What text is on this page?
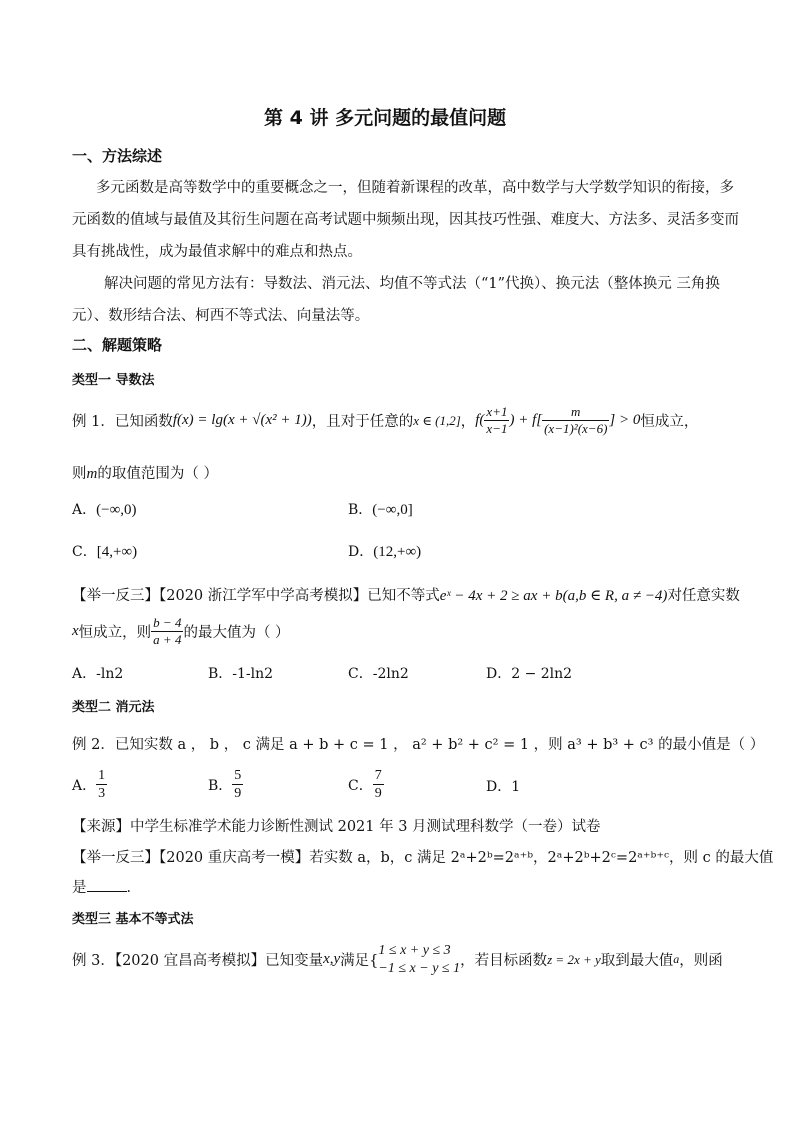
第 4 讲 多元问题的最值问题
一、方法综述
多元函数是高等数学中的重要概念之一，但随着新课程的改革，高中数学与大学数学知识的衔接，多
元函数的值域与最值及其衍生问题在高考试题中频频出现，因其技巧性强、难度大、方法多、灵活多变而
具有挑战性，成为最值求解中的难点和热点。
解决问题的常见方法有：导数法、消元法、均值不等式法（“1”代换）、换元法（整体换元 三角换
元）、数形结合法、柯西不等式法、向量法等。
二、解题策略
类型一 导数法
例 1．已知函数 f(x) = lg(x + √(x² + 1)) ，且对于任意的 x ∈ (1,2] ， $f( \frac{x+1}{x-1}$ ) + $f[ \frac{m}{\text{(x−1)²(x−6)}}$ ] > 0 恒成立，
则m的取值范围为（ ）
A．(−∞,0)	B．(−∞,0]
C．[4,+∞)	D．(12,+∞)
【举一反三】【2020 浙江学军中学高考模拟】已知不等式eˣ − 4x + 2 ≥ ax + b(a,b ∈ R, a ≠ −4)对任意实数
x 恒成立，则 $\frac{b - 4}{a + 4}$ 的最大值为（ ）
A．-ln2	B．-1-ln2	C．-2ln2	D．2 − 2ln2
类型二 消元法
例 2．已知实数 a ， b ， c 满足 a + b + c = 1 ， a² + b² + c² = 1 ，则 a³ + b³ + c³ 的最小值是（ ）
A． $\frac{1}{3}$	B． $\frac{5}{9}$	C． $\frac{7}{9}$	D．1
【来源】中学生标准学术能力诊断性测试 2021 年 3 月测试理科数学（一卷）试卷
【举一反三】【2020 重庆高考一模】若实数 a，b，c 满足 2ᵃ+2ᵇ=2ᵃ⁺ᵇ，2ᵃ+2ᵇ+2ᶜ=2ᵃ⁺ᵇ⁺ᶜ，则 c 的最大值
是	．
类型三 基本不等式法
例 3．【2020 宜昌高考模拟】已知变量 x,y 满足{
1 ≤ x + y ≤ 3
−1 ≤ x − y ≤ 1 ，若目标函数 z = 2x + y 取到最大值 a ，则函
